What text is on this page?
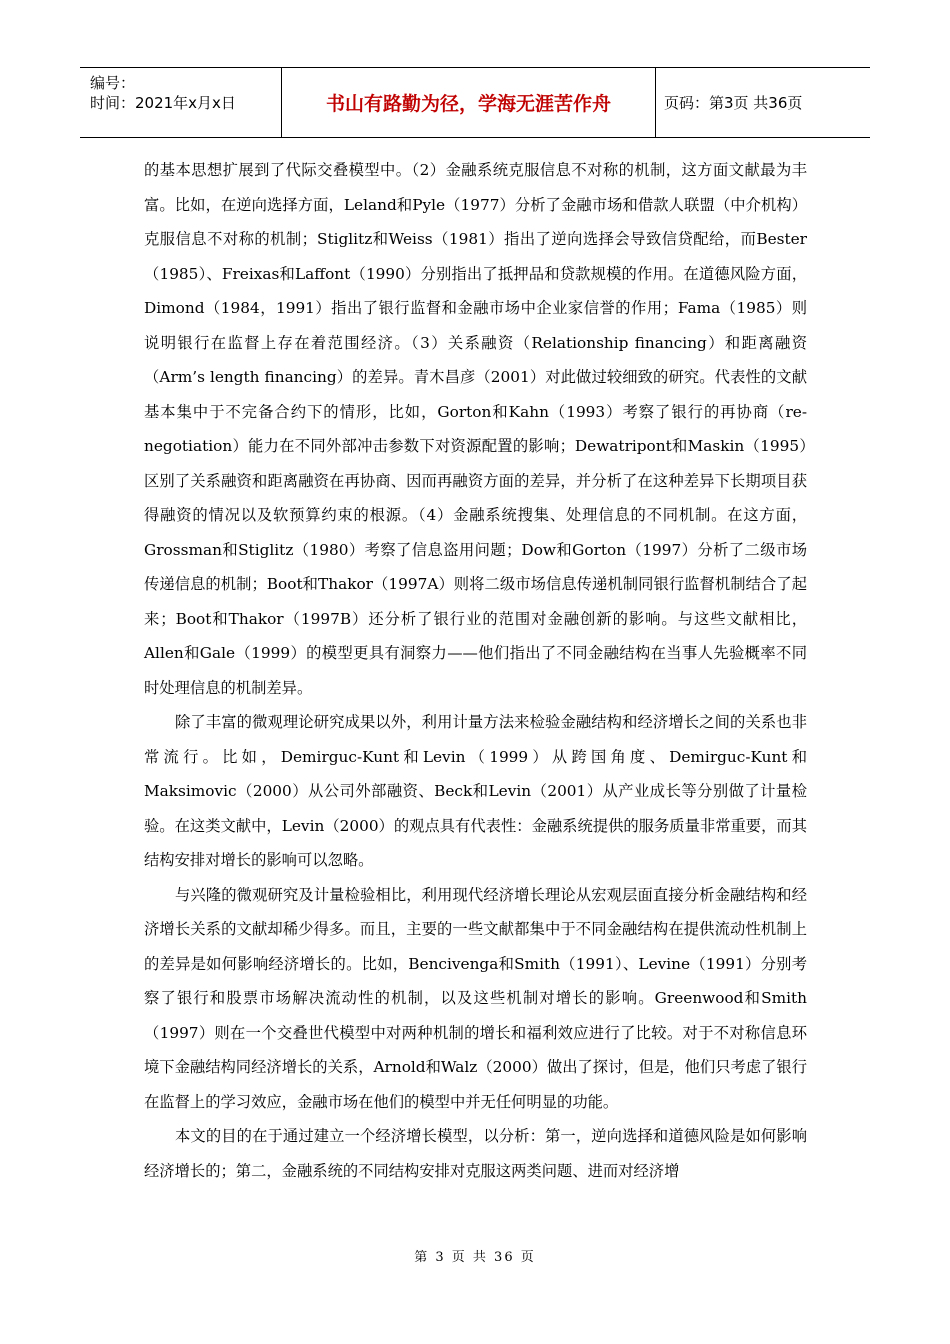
编号：
时间：2021年x月x日	书山有路勤为径，学海无涯苦作舟	页码：第3页 共36页

的基本思想扩展到了代际交叠模型中。（2）金融系统克服信息不对称的机制，这方面文献最为丰富。比如，在逆向选择方面，Leland和Pyle（1977）分析了金融市场和借款人联盟（中介机构）克服信息不对称的机制；Stiglitz和Weiss（1981）指出了逆向选择会导致信贷配给，而Bester（1985）、Freixas和Laffont（1990）分别指出了抵押品和贷款规模的作用。在道德风险方面，Dimond（1984，1991）指出了银行监督和金融市场中企业家信誉的作用；Fama（1985）则说明银行在监督上存在着范围经济。（3）关系融资（Relationship financing）和距离融资（Arm’s length financing）的差异。青木昌彦（2001）对此做过较细致的研究。代表性的文献基本集中于不完备合约下的情形，比如，Gorton和Kahn（1993）考察了银行的再协商（re-negotiation）能力在不同外部冲击参数下对资源配置的影响；Dewatripont和Maskin（1995）区别了关系融资和距离融资在再协商、因而再融资方面的差异，并分析了在这种差异下长期项目获得融资的情况以及软预算约束的根源。（4）金融系统搜集、处理信息的不同机制。在这方面，Grossman和Stiglitz（1980）考察了信息盗用问题；Dow和Gorton（1997）分析了二级市场传递信息的机制；Boot和Thakor（1997A）则将二级市场信息传递机制同银行监督机制结合了起来；Boot和Thakor（1997B）还分析了银行业的范围对金融创新的影响。与这些文献相比，Allen和Gale（1999）的模型更具有洞察力——他们指出了不同金融结构在当事人先验概率不同时处理信息的机制差异。

除了丰富的微观理论研究成果以外，利用计量方法来检验金融结构和经济增长之间的关系也非常流行。比如，Demirguc-Kunt和Levin（1999）从跨国角度、Demirguc-Kunt和Maksimovic（2000）从公司外部融资、Beck和Levin（2001）从产业成长等分别做了计量检验。在这类文献中，Levin（2000）的观点具有代表性：金融系统提供的服务质量非常重要，而其结构安排对增长的影响可以忽略。

与兴隆的微观研究及计量检验相比，利用现代经济增长理论从宏观层面直接分析金融结构和经济增长关系的文献却稀少得多。而且，主要的一些文献都集中于不同金融结构在提供流动性机制上的差异是如何影响经济增长的。比如，Bencivenga和Smith（1991）、Levine（1991）分别考察了银行和股票市场解决流动性的机制，以及这些机制对增长的影响。Greenwood和Smith（1997）则在一个交叠世代模型中对两种机制的增长和福利效应进行了比较。对于不对称信息环境下金融结构同经济增长的关系，Arnold和Walz（2000）做出了探讨，但是，他们只考虑了银行在监督上的学习效应，金融市场在他们的模型中并无任何明显的功能。

本文的目的在于通过建立一个经济增长模型，以分析：第一，逆向选择和道德风险是如何影响经济增长的；第二，金融系统的不同结构安排对克服这两类问题、进而对经济增

第 3 页 共 36 页
